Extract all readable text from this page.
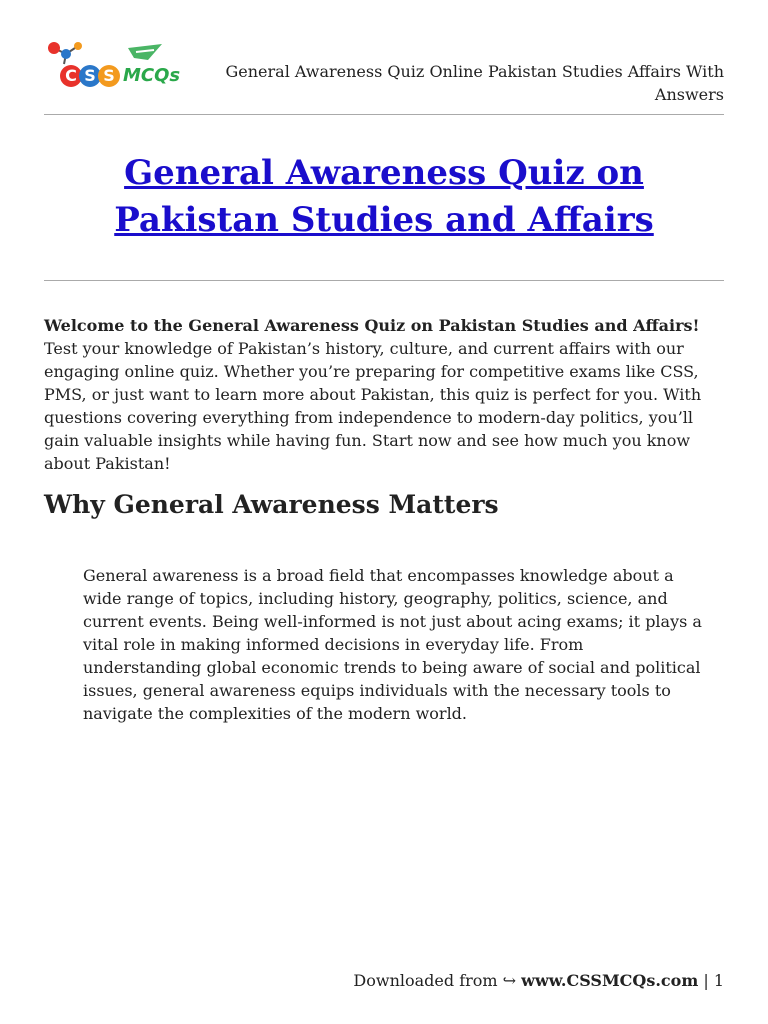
C S S MCQs	General Awareness Quiz Online Pakistan Studies Affairs With Answers
General Awareness Quiz on Pakistan Studies and Affairs
Welcome to the General Awareness Quiz on Pakistan Studies and Affairs! Test your knowledge of Pakistan’s history, culture, and current affairs with our engaging online quiz. Whether you’re preparing for competitive exams like CSS, PMS, or just want to learn more about Pakistan, this quiz is perfect for you. With questions covering everything from independence to modern-day politics, you’ll gain valuable insights while having fun. Start now and see how much you know about Pakistan!
Why General Awareness Matters
General awareness is a broad field that encompasses knowledge about a wide range of topics, including history, geography, politics, science, and current events. Being well-informed is not just about acing exams; it plays a vital role in making informed decisions in everyday life. From understanding global economic trends to being aware of social and political issues, general awareness equips individuals with the necessary tools to navigate the complexities of the modern world.
Downloaded from ↪ www.CSSMCQs.com | 1
